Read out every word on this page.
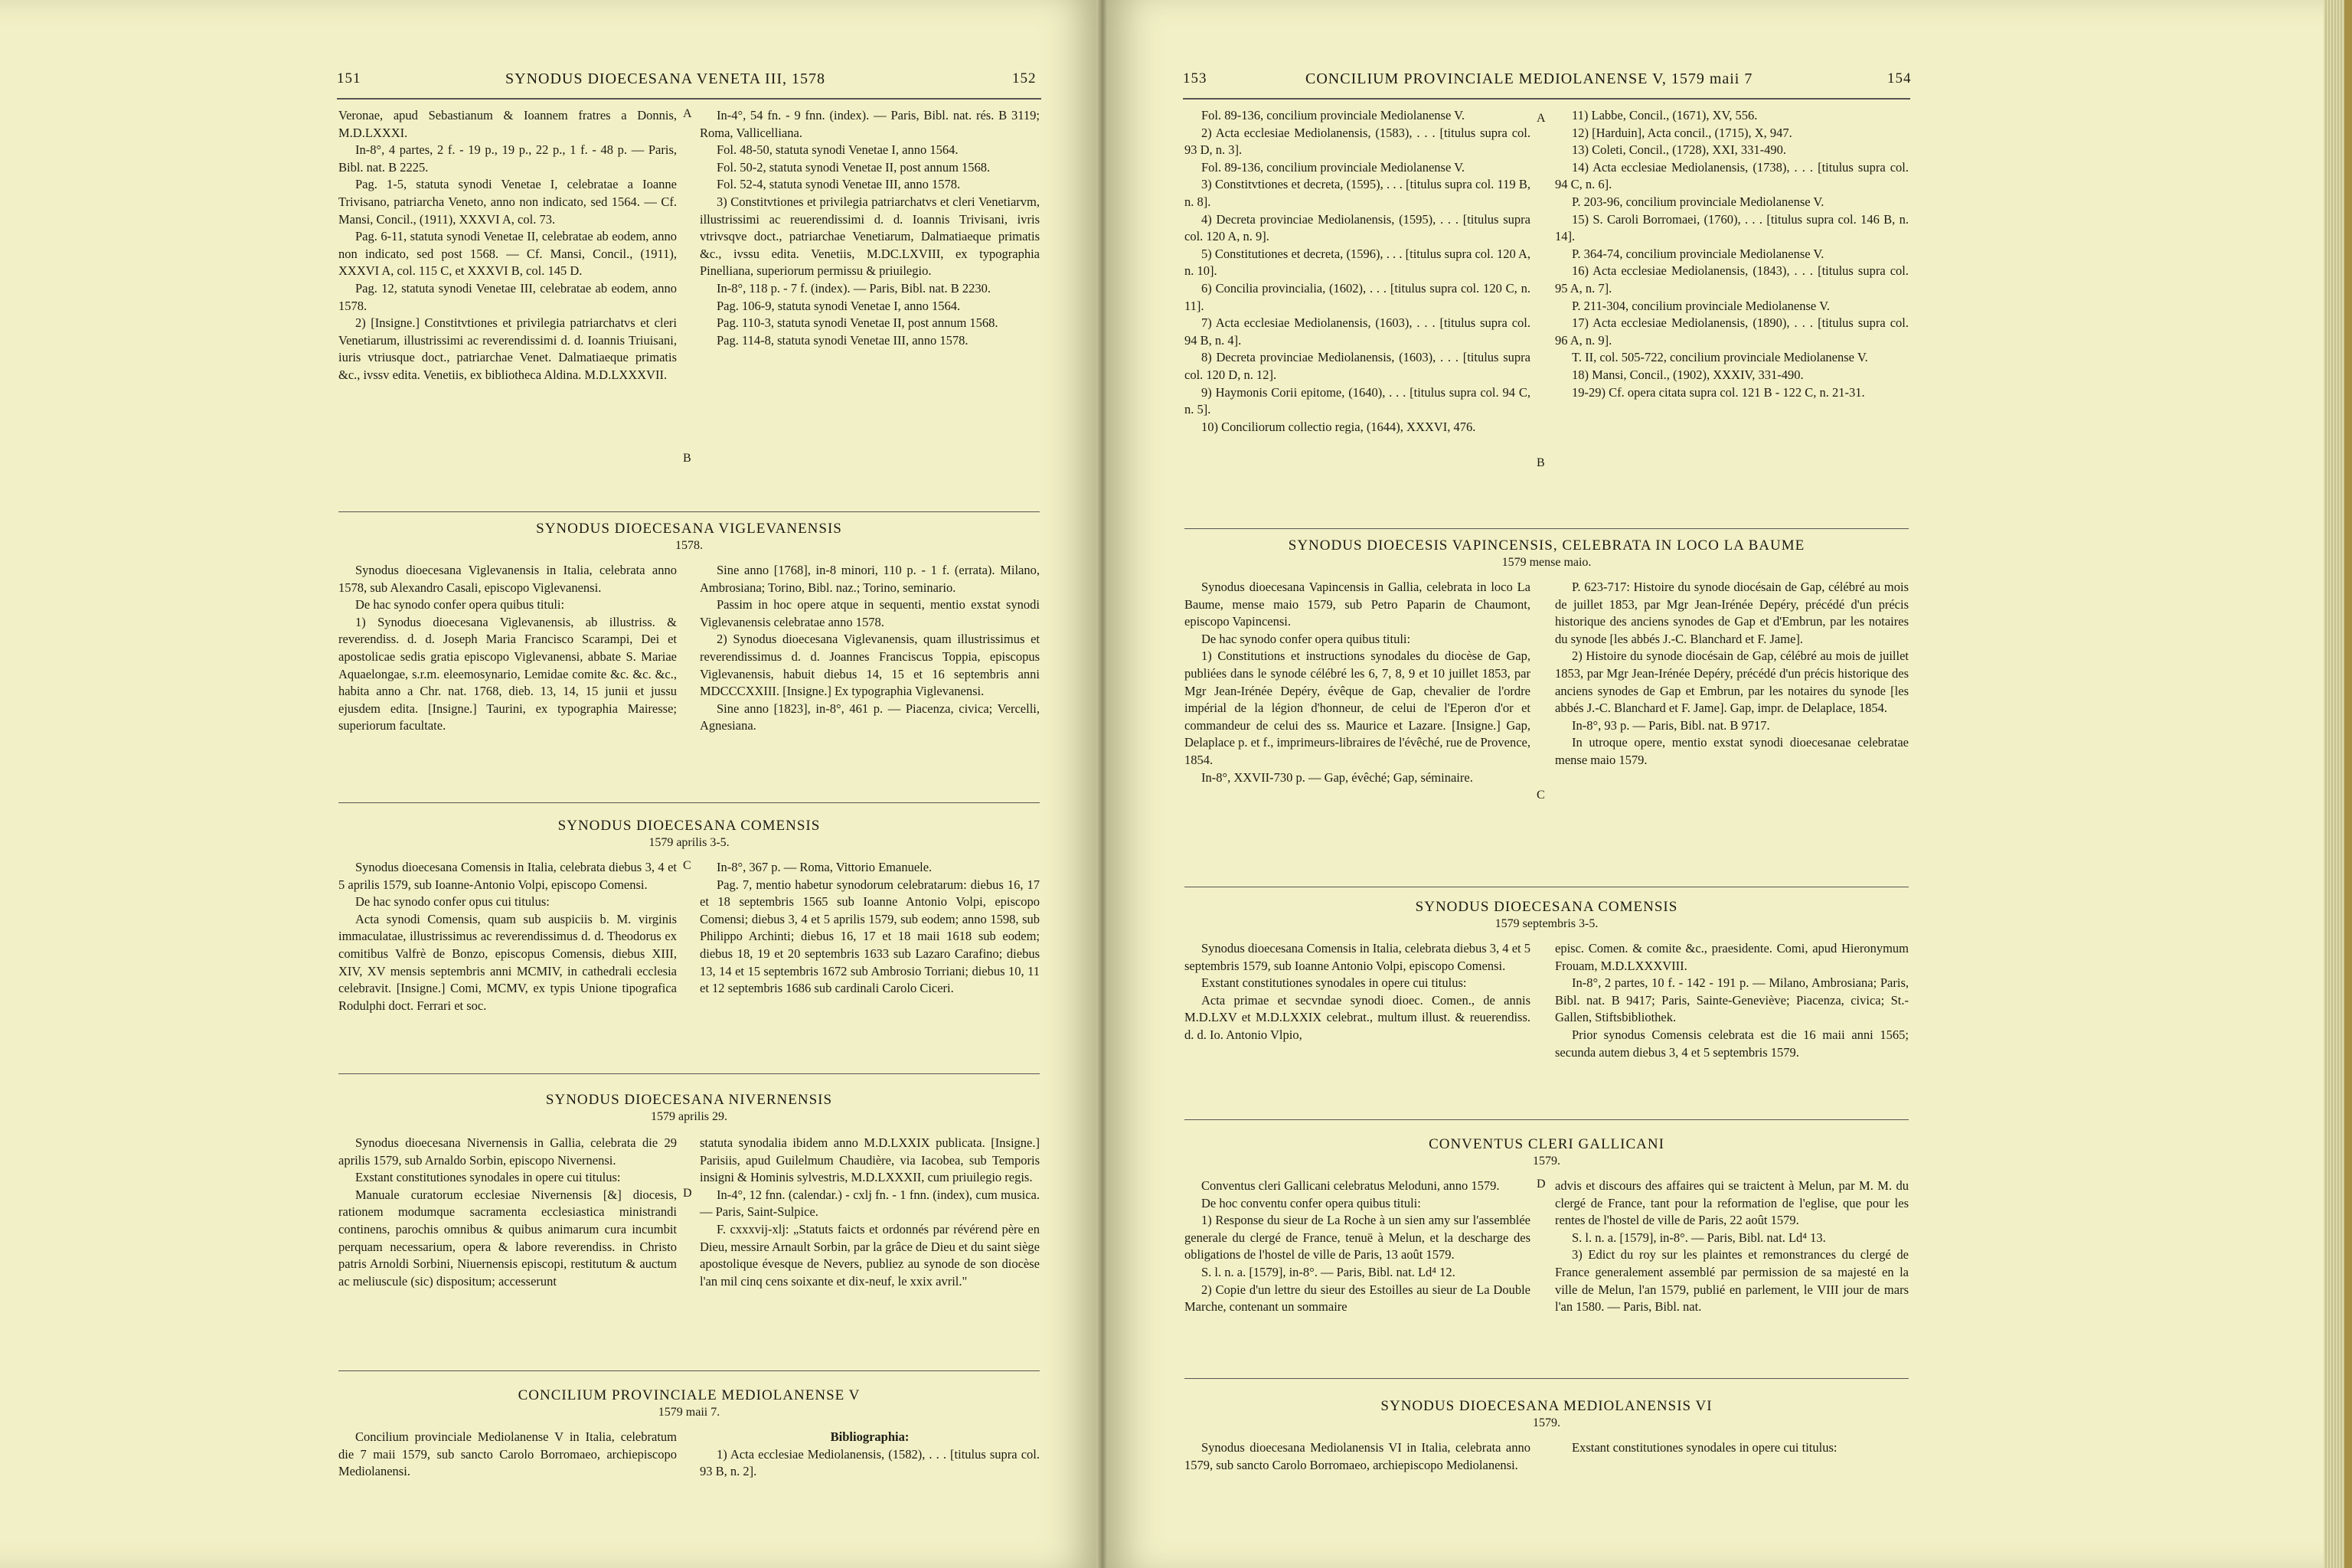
151	SYNODUS DIOECESANA VENETA III, 1578	152

Veronae, apud Sebastianum & Ioannem fratres a Donnis, M.D.LXXXI.

In-8°, 4 partes, 2 f. - 19 p., 19 p., 22 p., 1 f. - 48 p. — Paris, Bibl. nat. B 2225.

Pag. 1-5, statuta synodi Venetae I, celebratae a Ioanne Trivisano, patriarcha Veneto, anno non indicato, sed 1564. — Cf. Mansi, Concil., (1911), XXXVI A, col. 73.

Pag. 6-11, statuta synodi Venetae II, celebratae ab eodem, anno non indicato, sed post 1568. — Cf. Mansi, Concil., (1911), XXXVI A, col. 115 C, et XXXVI B, col. 145 D.

Pag. 12, statuta synodi Venetae III, celebratae ab eodem, anno 1578.

2) [Insigne.] Constitvtiones et privilegia patriarchatvs et cleri Venetiarum, illustrissimi ac reverendissimi d. d. Ioannis Triuisani, iuris vtriusque doct., patriarchae Venet. Dalmatiaeque primatis &c., ivssv edita. Venetiis, ex bibliotheca Aldina. M.D.LXXXVII.

In-4°, 54 fn. - 9 fnn. (index). — Paris, Bibl. nat. rés. B 3119; Roma, Vallicelliana.

Fol. 48-50, statuta synodi Venetae I, anno 1564.

Fol. 50-2, statuta synodi Venetae II, post annum 1568.

Fol. 52-4, statuta synodi Venetae III, anno 1578.

3) Constitvtiones et privilegia patriarchatvs et cleri Venetiarvm, illustrissimi ac reuerendissimi d. d. Ioannis Trivisani, ivris vtrivsqve doct., patriarchae Venetiarum, Dalmatiaeque primatis &c., ivssu edita. Venetiis, M.DC.LXVIII, ex typographia Pinelliana, superiorum permissu & priuilegio.

In-8°, 118 p. - 7 f. (index). — Paris, Bibl. nat. B 2230.

Pag. 106-9, statuta synodi Venetae I, anno 1564.

Pag. 110-3, statuta synodi Venetae II, post annum 1568.

Pag. 114-8, statuta synodi Venetae III, anno 1578.

A
B
SYNODUS DIOECESANA VIGLEVANENSIS
1578.

Synodus dioecesana Viglevanensis in Italia, celebrata anno 1578, sub Alexandro Casali, episcopo Viglevanensi.

De hac synodo confer opera quibus tituli:

1) Synodus dioecesana Viglevanensis, ab illustriss. & reverendiss. d. d. Joseph Maria Francisco Scarampi, Dei et apostolicae sedis gratia episcopo Viglevanensi, abbate S. Mariae Aquaelongae, s.r.m. eleemosynario, Lemidae comite &c. &c. &c., habita anno a Chr. nat. 1768, dieb. 13, 14, 15 junii et jussu ejusdem edita. [Insigne.] Taurini, ex typographia Mairesse; superiorum facultate.

Sine anno [1768], in-8 minori, 110 p. - 1 f. (errata). Milano, Ambrosiana; Torino, Bibl. naz.; Torino, seminario.

Passim in hoc opere atque in sequenti, mentio exstat synodi Viglevanensis celebratae anno 1578.

2) Synodus dioecesana Viglevanensis, quam illustrissimus et reverendissimus d. d. Joannes Franciscus Toppia, episcopus Viglevanensis, habuit diebus 14, 15 et 16 septembris anni MDCCCXXIII. [Insigne.] Ex typographia Viglevanensi.

Sine anno [1823], in-8°, 461 p. — Piacenza, civica; Vercelli, Agnesiana.

SYNODUS DIOECESANA COMENSIS
1579 aprilis 3-5.

Synodus dioecesana Comensis in Italia, celebrata diebus 3, 4 et 5 aprilis 1579, sub Ioanne-Antonio Volpi, episcopo Comensi.

De hac synodo confer opus cui titulus:

Acta synodi Comensis, quam sub auspiciis b. M. virginis immaculatae, illustrissimus ac reverendissimus d. d. Theodorus ex comitibus Valfrè de Bonzo, episcopus Comensis, diebus XIII, XIV, XV mensis septembris anni MCMIV, in cathedrali ecclesia celebravit. [Insigne.] Comi, MCMV, ex typis Unione tipografica Rodulphi doct. Ferrari et soc.

C	In-8°, 367 p. — Roma, Vittorio Emanuele.

Pag. 7, mentio habetur synodorum celebratarum: diebus 16, 17 et 18 septembris 1565 sub Ioanne Antonio Volpi, episcopo Comensi; diebus 3, 4 et 5 aprilis 1579, sub eodem; anno 1598, sub Philippo Archinti; diebus 16, 17 et 18 maii 1618 sub eodem; diebus 18, 19 et 20 septembris 1633 sub Lazaro Carafino; diebus 13, 14 et 15 septembris 1672 sub Ambrosio Torriani; diebus 10, 11 et 12 septembris 1686 sub cardinali Carolo Ciceri.

SYNODUS DIOECESANA NIVERNENSIS
1579 aprilis 29.

Synodus dioecesana Nivernensis in Gallia, celebrata die 29 aprilis 1579, sub Arnaldo Sorbin, episcopo Nivernensi.

Exstant constitutiones synodales in opere cui titulus:

Manuale curatorum ecclesiae Nivernensis [&] diocesis, rationem modumque sacramenta ecclesiastica ministrandi continens, parochis omnibus & quibus animarum cura incumbit perquam necessarium, opera & labore reverendiss. in Christo patris Arnoldi Sorbini, Niuernensis episcopi, restitutum & auctum ac meliuscule (sic) dispositum; accesserunt

D

statuta synodalia ibidem anno M.D.LXXIX publicata. [Insigne.] Parisiis, apud Guilelmum Chaudière, via Iacobea, sub Temporis insigni & Hominis sylvestris, M.D.LXXXII, cum priuilegio regis.

In-4°, 12 fnn. (calendar.) - cxlj fn. - 1 fnn. (index), cum musica. — Paris, Saint-Sulpice.

F. cxxxvij-xlj: „Statuts faicts et ordonnés par révérend père en Dieu, messire Arnault Sorbin, par la grâce de Dieu et du saint siège apostolique évesque de Nevers, publiez au synode de son diocèse l'an mil cinq cens soixante et dix-neuf, le xxix avril."

CONCILIUM PROVINCIALE MEDIOLANENSE V
1579 maii 7.

Concilium provinciale Mediolanense V in Italia, celebratum die 7 maii 1579, sub sancto Carolo Borromaeo, archiepiscopo Mediolanensi.

Bibliographia:

1) Acta ecclesiae Mediolanensis, (1582), . . . [titulus supra col. 93 B, n. 2].

153	CONCILIUM PROVINCIALE MEDIOLANENSE V, 1579 maii 7	154

Fol. 89-136, concilium provinciale Mediolanense V.

2) Acta ecclesiae Mediolanensis, (1583), . . . [titulus supra col. 93 D, n. 3].

Fol. 89-136, concilium provinciale Mediolanense V.

3) Constitvtiones et decreta, (1595), . . . [titulus supra col. 119 B, n. 8].

4) Decreta provinciae Mediolanensis, (1595), . . . [titulus supra col. 120 A, n. 9].

5) Constitutiones et decreta, (1596), . . . [titulus supra col. 120 A, n. 10].

6) Concilia provincialia, (1602), . . . [titulus supra col. 120 C, n. 11].

7) Acta ecclesiae Mediolanensis, (1603), . . . [titulus supra col. 94 B, n. 4].

8) Decreta provinciae Mediolanensis, (1603), . . . [titulus supra col. 120 D, n. 12].

9) Haymonis Corii epitome, (1640), . . . [titulus supra col. 94 C, n. 5].

10) Conciliorum collectio regia, (1644), XXXVI, 476.

A
B

11) Labbe, Concil., (1671), XV, 556.

12) [Harduin], Acta concil., (1715), X, 947.

13) Coleti, Concil., (1728), XXI, 331-490.

14) Acta ecclesiae Mediolanensis, (1738), . . . [titulus supra col. 94 C, n. 6].

P. 203-96, concilium provinciale Mediolanense V.

15) S. Caroli Borromaei, (1760), . . . [titulus supra col. 146 B, n. 14].

P. 364-74, concilium provinciale Mediolanense V.

16) Acta ecclesiae Mediolanensis, (1843), . . . [titulus supra col. 95 A, n. 7].

P. 211-304, concilium provinciale Mediolanense V.

17) Acta ecclesiae Mediolanensis, (1890), . . . [titulus supra col. 96 A, n. 9].

T. II, col. 505-722, concilium provinciale Mediolanense V.

18) Mansi, Concil., (1902), XXXIV, 331-490.

19-29) Cf. opera citata supra col. 121 B - 122 C, n. 21-31.

SYNODUS DIOECESIS VAPINCENSIS, CELEBRATA IN LOCO LA BAUME
1579 mense maio.

Synodus dioecesana Vapincensis in Gallia, celebrata in loco La Baume, mense maio 1579, sub Petro Paparin de Chaumont, episcopo Vapincensi.

De hac synodo confer opera quibus tituli:

1) Constitutions et instructions synodales du diocèse de Gap, publiées dans le synode célébré les 6, 7, 8, 9 et 10 juillet 1853, par Mgr Jean-Irénée Depéry, évêque de Gap, chevalier de l'ordre impérial de la légion d'honneur, de celui de l'Eperon d'or et commandeur de celui des ss. Maurice et Lazare. [Insigne.] Gap, Delaplace p. et f., imprimeurs-libraires de l'évêché, rue de Provence, 1854.

In-8°, XXVII-730 p. — Gap, évêché; Gap, séminaire.

C

P. 623-717: Histoire du synode diocésain de Gap, célébré au mois de juillet 1853, par Mgr Jean-Irénée Depéry, précédé d'un précis historique des anciens synodes de Gap et d'Embrun, par les notaires du synode [les abbés J.-C. Blanchard et F. Jame].

2) Histoire du synode diocésain de Gap, célébré au mois de juillet 1853, par Mgr Jean-Irénée Depéry, précédé d'un précis historique des anciens synodes de Gap et Embrun, par les notaires du synode [les abbés J.-C. Blanchard et F. Jame]. Gap, impr. de Delaplace, 1854.

In-8°, 93 p. — Paris, Bibl. nat. B 9717.

In utroque opere, mentio exstat synodi dioecesanae celebratae mense maio 1579.

SYNODUS DIOECESANA COMENSIS
1579 septembris 3-5.

Synodus dioecesana Comensis in Italia, celebrata diebus 3, 4 et 5 septembris 1579, sub Ioanne Antonio Volpi, episcopo Comensi.

Exstant constitutiones synodales in opere cui titulus:

Acta primae et secvndae synodi dioec. Comen., de annis M.D.LXV et M.D.LXXIX celebrat., multum illust. & reuerendiss. d. d. Io. Antonio Vlpio,

episc. Comen. & comite &c., praesidente. Comi, apud Hieronymum Frouam, M.D.LXXXVIII.

In-8°, 2 partes, 10 f. - 142 - 191 p. — Milano, Ambrosiana; Paris, Bibl. nat. B 9417; Paris, Sainte-Geneviève; Piacenza, civica; St.-Gallen, Stiftsbibliothek.

Prior synodus Comensis celebrata est die 16 maii anni 1565; secunda autem diebus 3, 4 et 5 septembris 1579.

CONVENTUS CLERI GALLICANI
1579.

Conventus cleri Gallicani celebratus Meloduni, anno 1579.

De hoc conventu confer opera quibus tituli:

1) Response du sieur de La Roche à un sien amy sur l'assemblée generale du clergé de France, tenuë à Melun, et la descharge des obligations de l'hostel de ville de Paris, 13 août 1579.

S. l. n. a. [1579], in-8°. — Paris, Bibl. nat. Ld⁴ 12.

2) Copie d'un lettre du sieur des Estoilles au sieur de La Double Marche, contenant un sommaire

D advis et discours des affaires qui se traictent à Melun, par M. M. du clergé de France, tant pour la reformation de l'eglise, que pour les rentes de l'hostel de ville de Paris, 22 août 1579.

S. l. n. a. [1579], in-8°. — Paris, Bibl. nat. Ld⁴ 13.

3) Edict du roy sur les plaintes et remonstrances du clergé de France generalement assemblé par permission de sa majesté en la ville de Melun, l'an 1579, publié en parlement, le VIII jour de mars l'an 1580. — Paris, Bibl. nat.

SYNODUS DIOECESANA MEDIOLANENSIS VI
1579.

Synodus dioecesana Mediolanensis VI in Italia, celebrata anno 1579, sub sancto Carolo Borromaeo, archiepiscopo Mediolanensi.

Exstant constitutiones synodales in opere cui titulus:
